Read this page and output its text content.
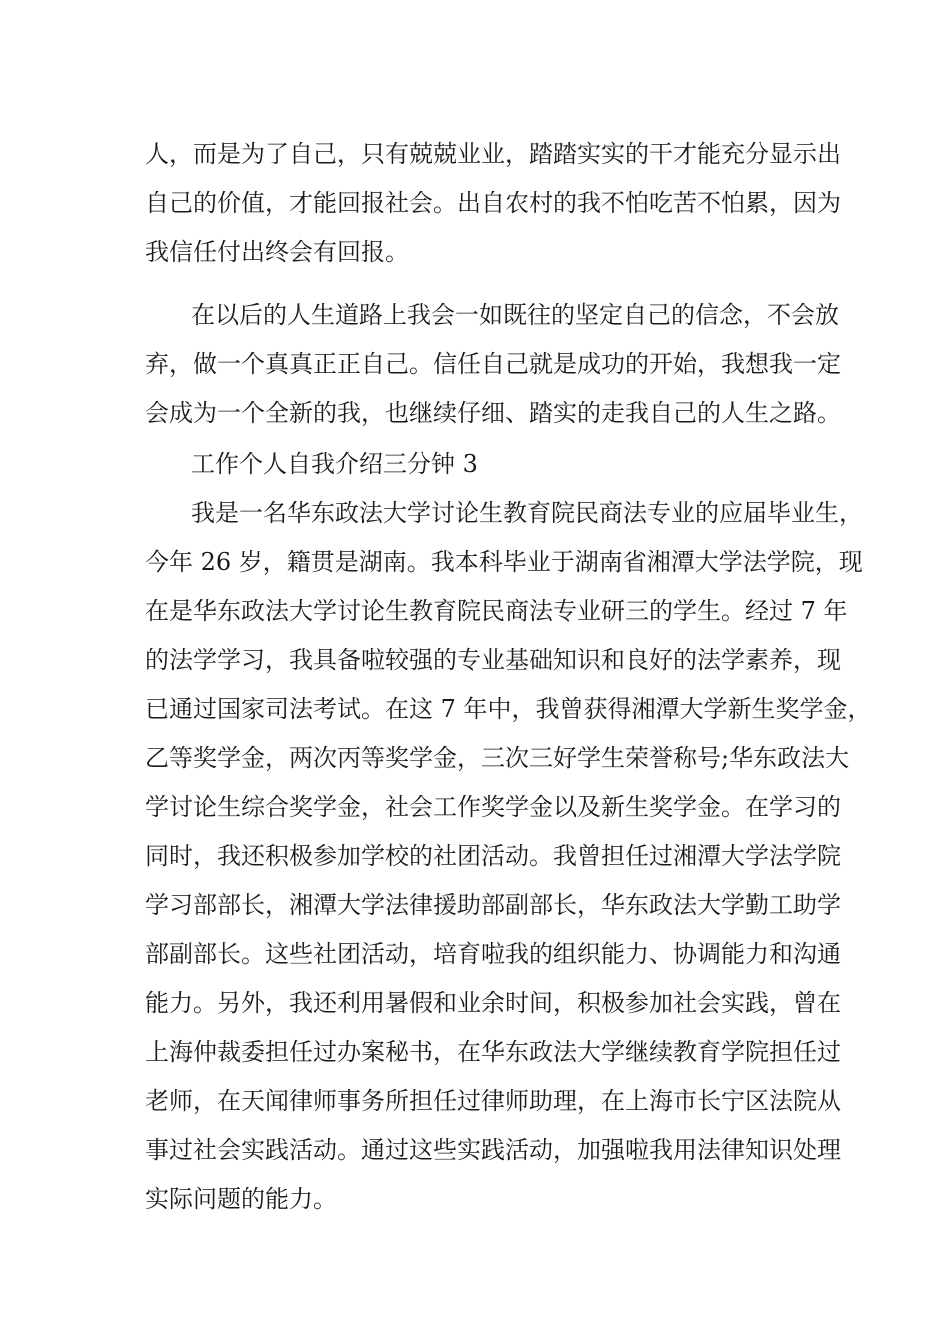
人，而是为了自己，只有兢兢业业，踏踏实实的干才能充分显示出
自己的价值，才能回报社会。出自农村的我不怕吃苦不怕累，因为
我信任付出终会有回报。
在以后的人生道路上我会一如既往的坚定自己的信念，不会放
弃，做一个真真正正自己。信任自己就是成功的开始，我想我一定
会成为一个全新的我，也继续仔细、踏实的走我自己的人生之路。
工作个人自我介绍三分钟 3
我是一名华东政法大学讨论生教育院民商法专业的应届毕业生，
今年 26 岁，籍贯是湖南。我本科毕业于湖南省湘潭大学法学院，现
在是华东政法大学讨论生教育院民商法专业研三的学生。经过 7 年
的法学学习，我具备啦较强的专业基础知识和良好的法学素养，现
已通过国家司法考试。在这 7 年中，我曾获得湘潭大学新生奖学金，
乙等奖学金，两次丙等奖学金，三次三好学生荣誉称号;华东政法大
学讨论生综合奖学金，社会工作奖学金以及新生奖学金。在学习的
同时，我还积极参加学校的社团活动。我曾担任过湘潭大学法学院
学习部部长，湘潭大学法律援助部副部长，华东政法大学勤工助学
部副部长。这些社团活动，培育啦我的组织能力、协调能力和沟通
能力。另外，我还利用暑假和业余时间，积极参加社会实践，曾在
上海仲裁委担任过办案秘书，在华东政法大学继续教育学院担任过
老师，在天闻律师事务所担任过律师助理，在上海市长宁区法院从
事过社会实践活动。通过这些实践活动，加强啦我用法律知识处理
实际问题的能力。
